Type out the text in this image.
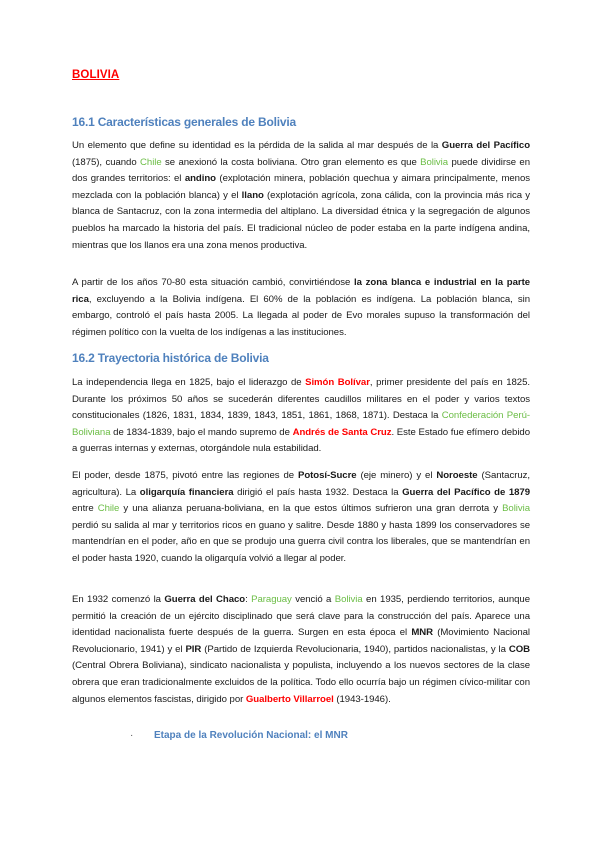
BOLIVIA
16.1 Características generales de Bolivia

Un elemento que define su identidad es la pérdida de la salida al mar después de la Guerra del Pacífico (1875), cuando Chile se anexionó la costa boliviana. Otro gran elemento es que Bolivia puede dividirse en dos grandes territorios: el andino (explotación minera, población quechua y aimara principalmente, menos mezclada con la población blanca) y el llano (explotación agrícola, zona cálida, con la provincia más rica y blanca de Santacruz, con la zona intermedia del altiplano. La diversidad étnica y la segregación de algunos pueblos ha marcado la historia del país. El tradicional núcleo de poder estaba en la parte indígena andina, mientras que los llanos era una zona menos productiva.

A partir de los años 70-80 esta situación cambió, convirtiéndose la zona blanca e industrial en la parte rica, excluyendo a la Bolivia indígena. El 60% de la población es indígena. La población blanca, sin embargo, controló el país hasta 2005. La llegada al poder de Evo morales supuso la transformación del régimen político con la vuelta de los indígenas a las instituciones.

16.2 Trayectoria histórica de Bolivia

La independencia llega en 1825, bajo el liderazgo de Simón Bolívar, primer presidente del país en 1825. Durante los próximos 50 años se sucederán diferentes caudillos militares en el poder y varios textos constitucionales (1826, 1831, 1834, 1839, 1843, 1851, 1861, 1868, 1871). Destaca la Confederación Perú-Boliviana de 1834-1839, bajo el mando supremo de Andrés de Santa Cruz. Este Estado fue efímero debido a guerras internas y externas, otorgándole nula estabilidad.

El poder, desde 1875, pivotó entre las regiones de Potosí-Sucre (eje minero) y el Noroeste (Santacruz, agricultura). La oligarquía financiera dirigió el país hasta 1932. Destaca la Guerra del Pacífico de 1879 entre Chile y una alianza peruana-boliviana, en la que estos últimos sufrieron una gran derrota y Bolivia perdió su salida al mar y territorios ricos en guano y salitre. Desde 1880 y hasta 1899 los conservadores se mantendrían en el poder, año en que se produjo una guerra civil contra los liberales, que se mantendrían en el poder hasta 1920, cuando la oligarquía volvió a llegar al poder.

En 1932 comenzó la Guerra del Chaco: Paraguay venció a Bolivia en 1935, perdiendo territorios, aunque permitió la creación de un ejército disciplinado que será clave para la construcción del país. Aparece una identidad nacionalista fuerte después de la guerra. Surgen en esta época el MNR (Movimiento Nacional Revolucionario, 1941) y el PIR (Partido de Izquierda Revolucionaria, 1940), partidos nacionalistas, y la COB (Central Obrera Boliviana), sindicato nacionalista y populista, incluyendo a los nuevos sectores de la clase obrera que eran tradicionalmente excluidos de la política. Todo ello ocurría bajo un régimen cívico-militar con algunos elementos fascistas, dirigido por Gualberto Villarroel (1943-1946).

· Etapa de la Revolución Nacional: el MNR
